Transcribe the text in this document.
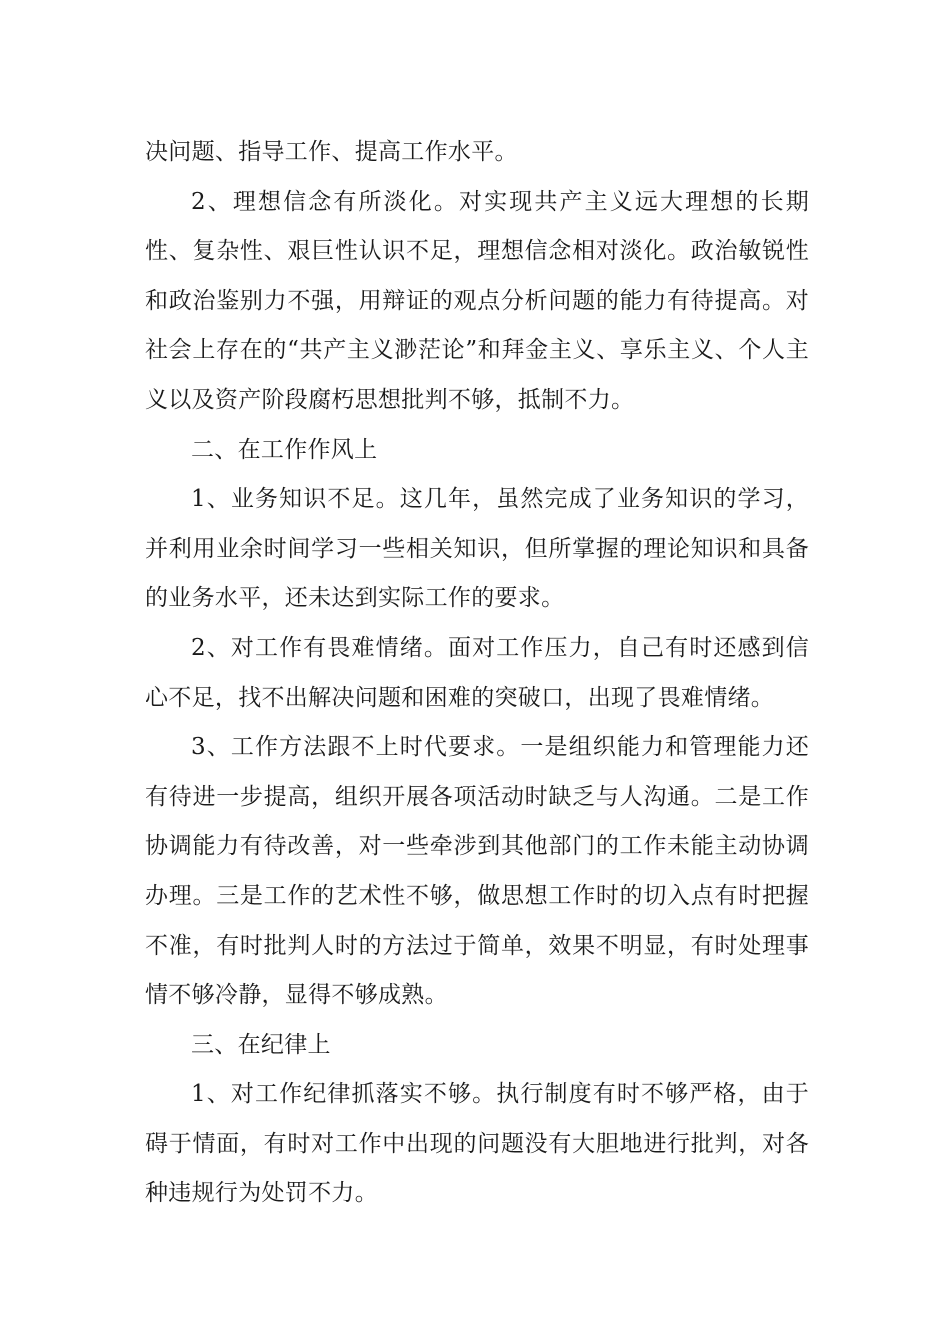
决问题、指导工作、提高工作水平。

2、理想信念有所淡化。对实现共产主义远大理想的长期性、复杂性、艰巨性认识不足，理想信念相对淡化。政治敏锐性和政治鉴别力不强，用辩证的观点分析问题的能力有待提高。对社会上存在的“共产主义渺茫论”和拜金主义、享乐主义、个人主义以及资产阶段腐朽思想批判不够，抵制不力。

二、在工作作风上

1、业务知识不足。这几年，虽然完成了业务知识的学习，并利用业余时间学习一些相关知识，但所掌握的理论知识和具备的业务水平，还未达到实际工作的要求。

2、对工作有畏难情绪。面对工作压力，自己有时还感到信心不足，找不出解决问题和困难的突破口，出现了畏难情绪。

3、工作方法跟不上时代要求。一是组织能力和管理能力还有待进一步提高，组织开展各项活动时缺乏与人沟通。二是工作协调能力有待改善，对一些牵涉到其他部门的工作未能主动协调办理。三是工作的艺术性不够，做思想工作时的切入点有时把握不准，有时批判人时的方法过于简单，效果不明显，有时处理事情不够冷静，显得不够成熟。

三、在纪律上

1、对工作纪律抓落实不够。执行制度有时不够严格，由于碍于情面，有时对工作中出现的问题没有大胆地进行批判，对各种违规行为处罚不力。
